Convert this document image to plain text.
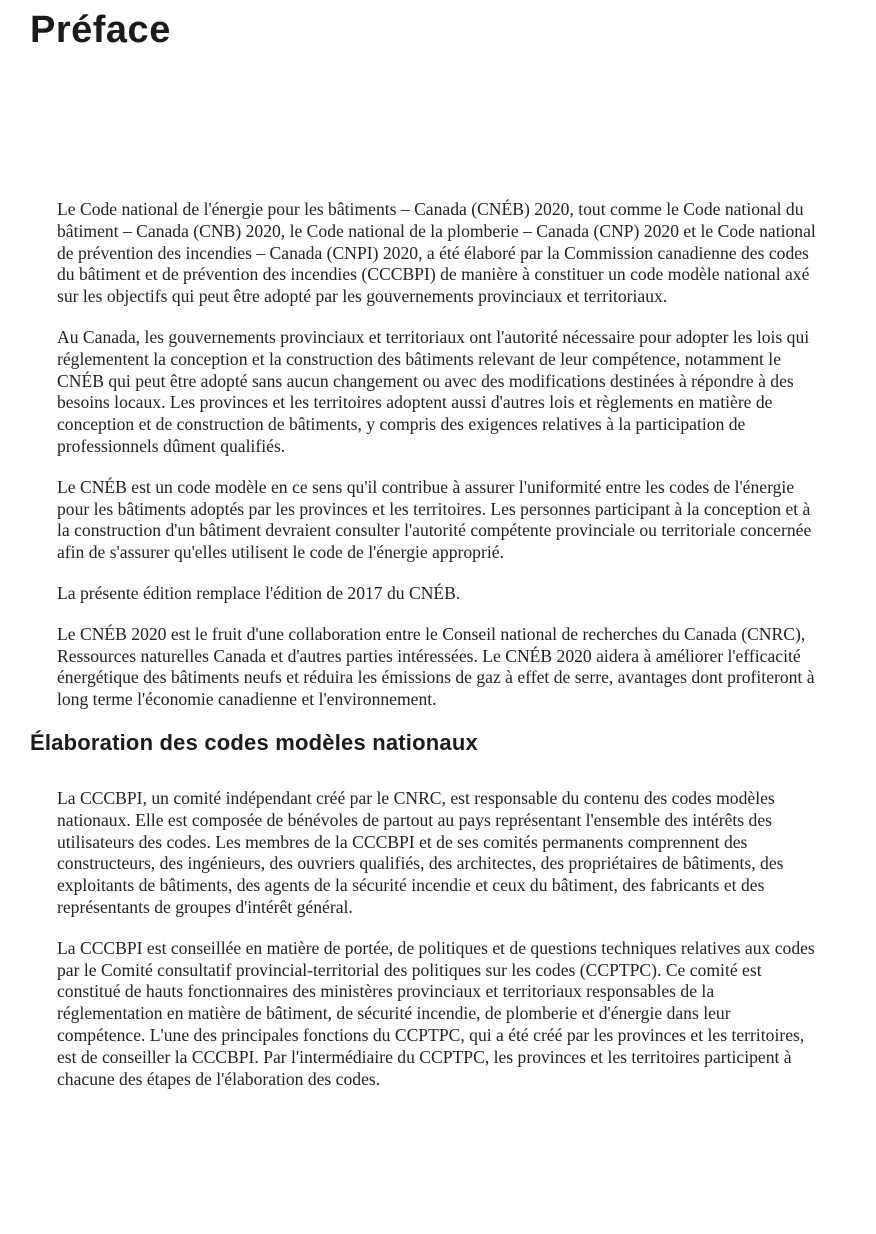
Préface

Le Code national de l'énergie pour les bâtiments – Canada (CNÉB) 2020, tout comme le Code national du bâtiment – Canada (CNB) 2020, le Code national de la plomberie – Canada (CNP) 2020 et le Code national de prévention des incendies – Canada (CNPI) 2020, a été élaboré par la Commission canadienne des codes du bâtiment et de prévention des incendies (CCCBPI) de manière à constituer un code modèle national axé sur les objectifs qui peut être adopté par les gouvernements provinciaux et territoriaux.

Au Canada, les gouvernements provinciaux et territoriaux ont l'autorité nécessaire pour adopter les lois qui réglementent la conception et la construction des bâtiments relevant de leur compétence, notamment le CNÉB qui peut être adopté sans aucun changement ou avec des modifications destinées à répondre à des besoins locaux. Les provinces et les territoires adoptent aussi d'autres lois et règlements en matière de conception et de construction de bâtiments, y compris des exigences relatives à la participation de professionnels dûment qualifiés.

Le CNÉB est un code modèle en ce sens qu'il contribue à assurer l'uniformité entre les codes de l'énergie pour les bâtiments adoptés par les provinces et les territoires. Les personnes participant à la conception et à la construction d'un bâtiment devraient consulter l'autorité compétente provinciale ou territoriale concernée afin de s'assurer qu'elles utilisent le code de l'énergie approprié.

La présente édition remplace l'édition de 2017 du CNÉB.

Le CNÉB 2020 est le fruit d'une collaboration entre le Conseil national de recherches du Canada (CNRC), Ressources naturelles Canada et d'autres parties intéressées. Le CNÉB 2020 aidera à améliorer l'efficacité énergétique des bâtiments neufs et réduira les émissions de gaz à effet de serre, avantages dont profiteront à long terme l'économie canadienne et l'environnement.

Élaboration des codes modèles nationaux

La CCCBPI, un comité indépendant créé par le CNRC, est responsable du contenu des codes modèles nationaux. Elle est composée de bénévoles de partout au pays représentant l'ensemble des intérêts des utilisateurs des codes. Les membres de la CCCBPI et de ses comités permanents comprennent des constructeurs, des ingénieurs, des ouvriers qualifiés, des architectes, des propriétaires de bâtiments, des exploitants de bâtiments, des agents de la sécurité incendie et ceux du bâtiment, des fabricants et des représentants de groupes d'intérêt général.

La CCCBPI est conseillée en matière de portée, de politiques et de questions techniques relatives aux codes par le Comité consultatif provincial-territorial des politiques sur les codes (CCPTPC). Ce comité est constitué de hauts fonctionnaires des ministères provinciaux et territoriaux responsables de la réglementation en matière de bâtiment, de sécurité incendie, de plomberie et d'énergie dans leur compétence. L'une des principales fonctions du CCPTPC, qui a été créé par les provinces et les territoires, est de conseiller la CCCBPI. Par l'intermédiaire du CCPTPC, les provinces et les territoires participent à chacune des étapes de l'élaboration des codes.
